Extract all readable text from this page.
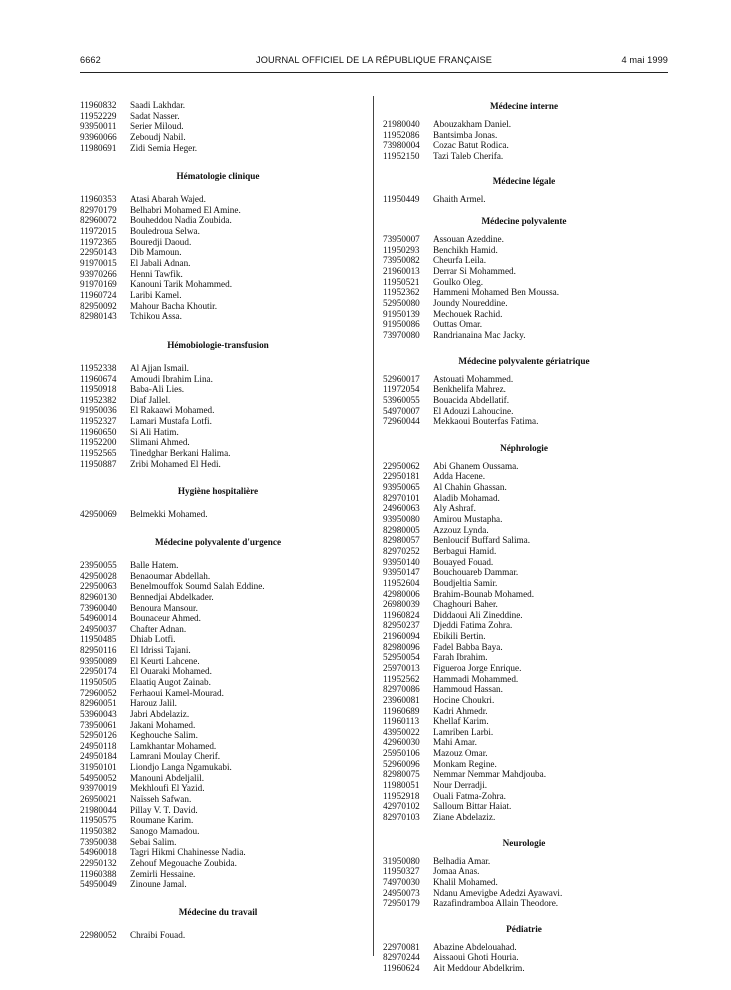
6662	JOURNAL OFFICIEL DE LA RÉPUBLIQUE FRANÇAISE	4 mai 1999
11960832	Saadi Lakhdar.
11952229	Sadat Nasser.
93950011	Serier Miloud.
93960066	Zeboudj Nabil.
11980691	Zidi Semia Heger.
Hématologie clinique
11960353	Atasi Abarah Wajed.
82970179	Belhabri Mohamed El Amine.
82960072	Bouheddou Nadia Zoubida.
11972015	Bouledroua Selwa.
11972365	Bouredji Daoud.
22950143	Dib Mamoun.
91970015	El Jabali Adnan.
93970266	Henni Tawfik.
91970169	Kanouni Tarik Mohammed.
11960724	Laribi Kamel.
82950092	Mahour Bacha Khoutir.
82980143	Tchikou Assa.
Hémobiologie-transfusion
11952338	Al Ajjan Ismail.
11960674	Amoudi Ibrahim Lina.
11950918	Baba-Ali Lies.
11952382	Diaf Jallel.
91950036	El Rakaawi Mohamed.
11952327	Lamari Mustafa Lotfi.
11960650	Si Ali Hatim.
11952200	Slimani Ahmed.
11952565	Tinedghar Berkani Halima.
11950887	Zribi Mohamed El Hedi.
Hygiène hospitalière
42950069	Belmekki Mohamed.
Médecine polyvalente d'urgence
23950055	Balle Hatem.
42950028	Benaoumar Abdellah.
22950063	Benelmouffok Soumd Salah Eddine.
82960130	Bennedjai Abdelkader.
73960040	Benoura Mansour.
54960014	Bounaceur Ahmed.
24950037	Chafter Adnan.
11950485	Dhiab Lotfi.
82950116	El Idrissi Tajani.
93950089	El Keurti Lahcene.
22950174	El Ouaraki Mohamed.
11950505	Elaatiq Augot Zainab.
72960052	Ferhaoui Kamel-Mourad.
82960051	Harouz Jalil.
53960043	Jabri Abdelaziz.
73950061	Jakani Mohamed.
52950126	Keghouche Salim.
24950118	Lamkhantar Mohamed.
24950184	Lamrani Moulay Cherif.
31950101	Liondjo Langa Ngamukabi.
54950052	Manouni Abdeljalil.
93970019	Mekhloufi El Yazid.
26950021	Naïsseh Safwan.
21980044	Pillay V. T. David.
11950575	Roumane Karim.
11950382	Sanogo Mamadou.
73950038	Sebai Salim.
54960018	Tagri Hikmi Chahinesse Nadia.
22950132	Zehouf Megouache Zoubida.
11960388	Zemirli Hessaine.
54950049	Zinoune Jamal.
Médecine du travail
22980052	Chraibi Fouad.
Médecine interne
21980040	Abouzakham Daniel.
11952086	Bantsimba Jonas.
73980004	Cozac Batut Rodica.
11952150	Tazi Taleb Cherifa.
Médecine légale
11950449	Ghaith Armel.
Médecine polyvalente
73950007	Assouan Azeddine.
11950293	Benchikh Hamid.
73950082	Cheurfa Leila.
21960013	Derrar Si Mohammed.
11950521	Goulko Oleg.
11952362	Hammeni Mohamed Ben Moussa.
52950080	Joundy Noureddine.
91950139	Mechouek Rachid.
91950086	Outtas Omar.
73970080	Randrianaina Mac Jacky.
Médecine polyvalente gériatrique
52960017	Astouati Mohammed.
11972054	Benkhelifa Mahrez.
53960055	Bouacida Abdellatif.
54970007	El Adouzi Lahoucine.
72960044	Mekkaoui Bouterfas Fatima.
Néphrologie
22950062	Abi Ghanem Oussama.
22950181	Adda Hacene.
93950065	Al Chahin Ghassan.
82970101	Aladib Mohamad.
24960063	Aly Ashraf.
93950080	Amirou Mustapha.
82980005	Azzouz Lynda.
82980057	Benloucif Buffard Salima.
82970252	Berbagui Hamid.
93950140	Bouayed Fouad.
93950147	Bouchouareb Dammar.
11952604	Boudjeltia Samir.
42980006	Brahim-Bounab Mohamed.
26980039	Chaghouri Baher.
11960824	Diddaoui Ali Zineddine.
82950237	Djeddi Fatima Zohra.
21960094	Ebikili Bertin.
82980096	Fadel Babba Baya.
52950054	Farah Ibrahim.
25970013	Figueroa Jorge Enrique.
11952562	Hammadi Mohammed.
82970086	Hammoud Hassan.
23960081	Hocine Choukri.
11960689	Kadri Ahmedr.
11960113	Khellaf Karim.
43950022	Lamriben Larbi.
42960030	Mahi Amar.
25950106	Mazouz Omar.
52960096	Monkam Regine.
82980075	Nemmar Nemmar Mahdjouba.
11980051	Nour Derradji.
11952918	Ouali Fatma-Zohra.
42970102	Salloum Bittar Haiat.
82970103	Ziane Abdelaziz.
Neurologie
31950080	Belhadia Amar.
11950327	Jomaa Anas.
74970030	Khalil Mohamed.
24950073	Ndanu Amevigbe Adedzi Ayawavi.
72950179	Razafindramboa Allain Theodore.
Pédiatrie
22970081	Abazine Abdelouahad.
82970244	Aissaoui Ghoti Houria.
11960624	Ait Meddour Abdelkrim.
